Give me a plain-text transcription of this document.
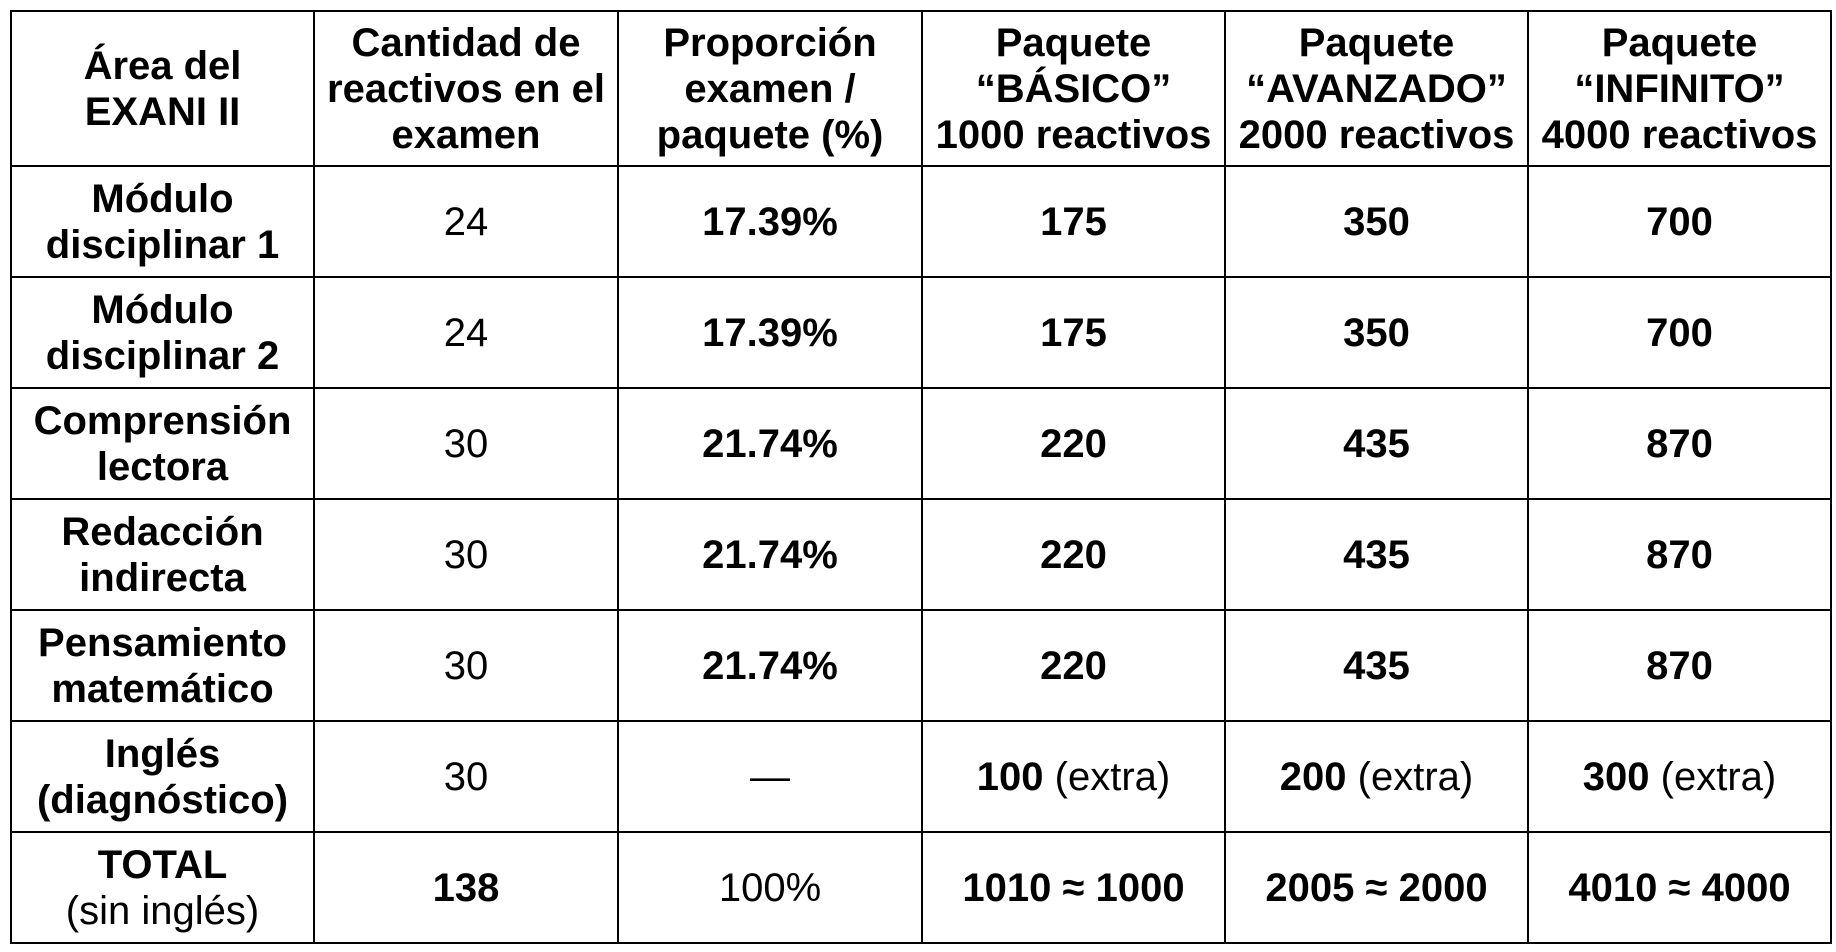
Área del
EXANI II	Cantidad de
reactivos en el
examen	Proporción
examen /
paquete (%)	Paquete
“BÁSICO”
1000 reactivos	Paquete
“AVANZADO”
2000 reactivos	Paquete
“INFINITO”
4000 reactivos

Módulo
disciplinar 1	24	17.39%	175	350	700

Módulo
disciplinar 2	24	17.39%	175	350	700

Comprensión
lectora	30	21.74%	220	435	870

Redacción
indirecta	30	21.74%	220	435	870

Pensamiento
matemático	30	21.74%	220	435	870

Inglés
(diagnóstico)	30	—	100 (extra)	200 (extra)	300 (extra)

TOTAL
(sin inglés)	138	100%	1010 ≈ 1000	2005 ≈ 2000	4010 ≈ 4000
